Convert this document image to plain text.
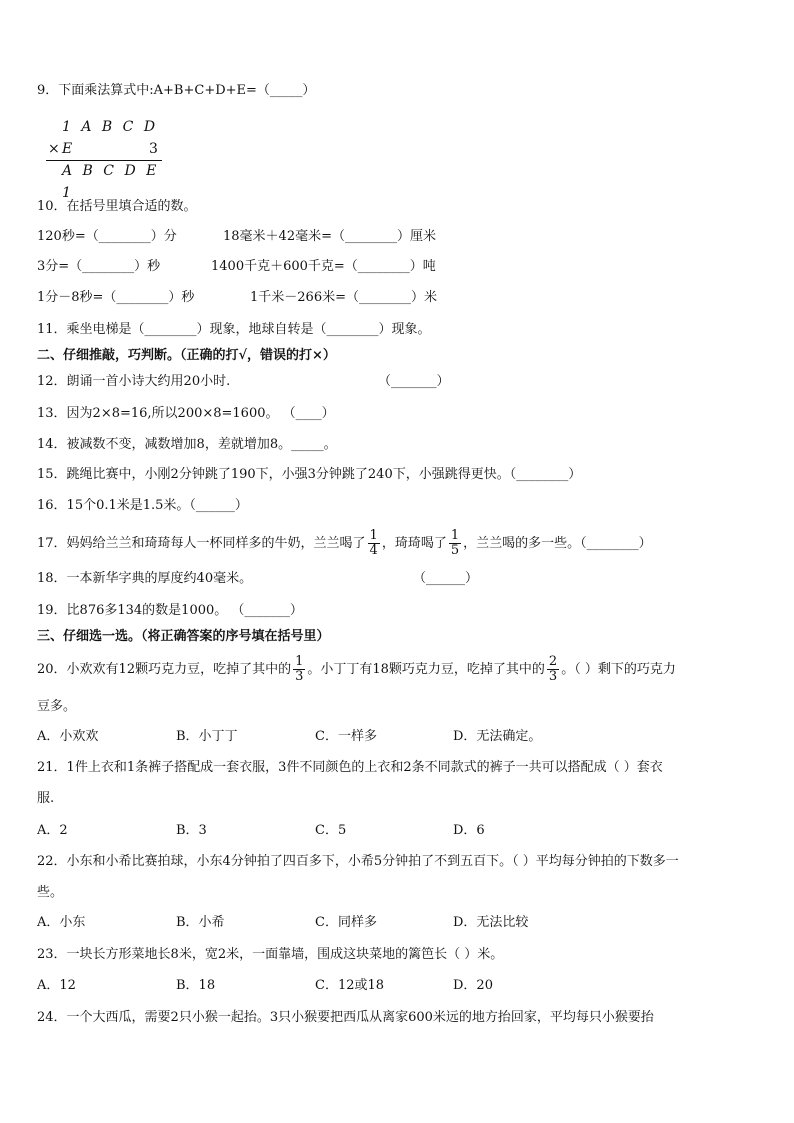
9．下面乘法算式中:A+B+C+D+E=（_____）
1 A B C D E
×	3
A B C D E 1
10．在括号里填合适的数。
120秒=（________）分	18毫米＋42毫米=（________）厘米
3分=（________）秒	1400千克＋600千克=（________）吨
1分－8秒=（________）秒	1千米－266米=（________）米
11．乘坐电梯是（________）现象，地球自转是（________）现象。
二、仔细推敲，巧判断。（正确的打√，错误的打×）
12．朗诵一首小诗大约用20小时.	（_______）
13．因为2×8=16,所以200×8=1600。 （____）
14．被减数不变，减数增加8，差就增加8。_____。
15．跳绳比赛中，小刚2分钟跳了190下，小强3分钟跳了240下，小强跳得更快。（________）
16．15个0.1米是1.5米。（______）
17．妈妈给兰兰和琦琦每人一杯同样多的牛奶，兰兰喝了 $\frac{1}{4}$ ，琦琦喝了 $\frac{1}{5}$ ，兰兰喝的多一些。（________）
18．一本新华字典的厚度约40毫米。	（______）
19．比876多134的数是1000。 （_______）
三、仔细选一选。（将正确答案的序号填在括号里）
20．小欢欢有12颗巧克力豆，吃掉了其中的 $\frac{1}{3}$ 。小丁丁有18颗巧克力豆，吃掉了其中的 $\frac{2}{3}$ 。（ ）剩下的巧克力
豆多。
A．小欢欢	B．小丁丁	C．一样多	D．无法确定。
21．1件上衣和1条裤子搭配成一套衣服，3件不同颜色的上衣和2条不同款式的裤子一共可以搭配成（ ）套衣
服.
A．2	B．3	C．5	D．6
22．小东和小希比赛拍球，小东4分钟拍了四百多下，小希5分钟拍了不到五百下。（ ）平均每分钟拍的下数多一
些。
A．小东	B．小希	C．同样多	D．无法比较
23．一块长方形菜地长8米，宽2米，一面靠墙，围成这块菜地的篱笆长（ ）米。
A．12	B．18	C．12或18	D．20
24．一个大西瓜，需要2只小猴一起抬。3只小猴要把西瓜从离家600米远的地方抬回家，平均每只小猴要抬
